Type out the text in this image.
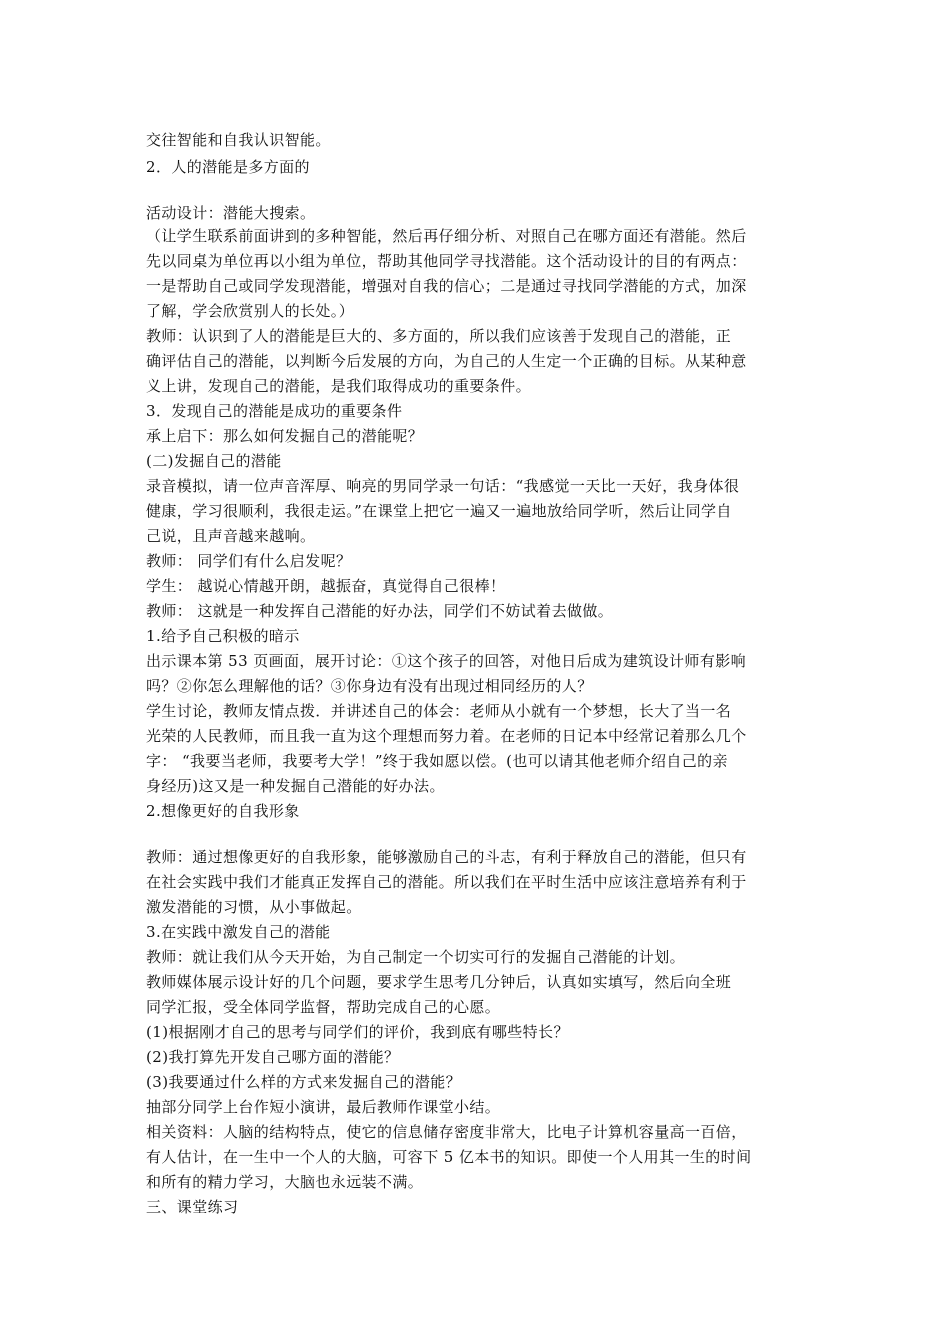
交往智能和自我认识智能。
2．人的潜能是多方面的
活动设计：潜能大搜索。
（让学生联系前面讲到的多种智能，然后再仔细分析、对照自己在哪方面还有潜能。然后
先以同桌为单位再以小组为单位，帮助其他同学寻找潜能。这个活动设计的目的有两点：
一是帮助自己或同学发现潜能，增强对自我的信心；二是通过寻找同学潜能的方式，加深
了解，学会欣赏别人的长处。）
教师：认识到了人的潜能是巨大的、多方面的，所以我们应该善于发现自己的潜能，正
确评估自己的潜能，以判断今后发展的方向，为自己的人生定一个正确的目标。从某种意
义上讲，发现自己的潜能，是我们取得成功的重要条件。
3．发现自己的潜能是成功的重要条件
承上启下：那么如何发掘自己的潜能呢？
(二)发掘自己的潜能
录音模拟，请一位声音浑厚、响亮的男同学录一句话：“我感觉一天比一天好，我身体很
健康，学习很顺利，我很走运。”在课堂上把它一遍又一遍地放给同学听，然后让同学自
己说，且声音越来越响。
教师： 同学们有什么启发呢？
学生： 越说心情越开朗，越振奋，真觉得自己很棒！
教师： 这就是一种发挥自己潜能的好办法，同学们不妨试着去做做。
1.给予自己积极的暗示
出示课本第 53 页画面，展开讨论：①这个孩子的回答，对他日后成为建筑设计师有影响
吗？②你怎么理解他的话？③你身边有没有出现过相同经历的人？
学生讨论，教师友情点拨．并讲述自己的体会：老师从小就有一个梦想，长大了当一名
光荣的人民教师，而且我一直为这个理想而努力着。在老师的日记本中经常记着那么几个
字： “我要当老师，我要考大学！”终于我如愿以偿。(也可以请其他老师介绍自己的亲
身经历)这又是一种发掘自己潜能的好办法。
2.想像更好的自我形象
教师：通过想像更好的自我形象，能够激励自己的斗志，有利于释放自己的潜能，但只有
在社会实践中我们才能真正发挥自己的潜能。所以我们在平时生活中应该注意培养有利于
激发潜能的习惯，从小事做起。
3.在实践中激发自己的潜能
教师：就让我们从今天开始，为自己制定一个切实可行的发掘自己潜能的计划。
教师媒体展示设计好的几个问题，要求学生思考几分钟后，认真如实填写，然后向全班
同学汇报，受全体同学监督，帮助完成自己的心愿。
(1)根据刚才自己的思考与同学们的评价，我到底有哪些特长？
(2)我打算先开发自己哪方面的潜能？
(3)我要通过什么样的方式来发掘自己的潜能？
抽部分同学上台作短小演讲，最后教师作课堂小结。
相关资料：人脑的结构特点，使它的信息储存密度非常大，比电子计算机容量高一百倍，
有人估计，在一生中一个人的大脑，可容下 5 亿本书的知识。即使一个人用其一生的时间
和所有的精力学习，大脑也永远装不满。
三、课堂练习
